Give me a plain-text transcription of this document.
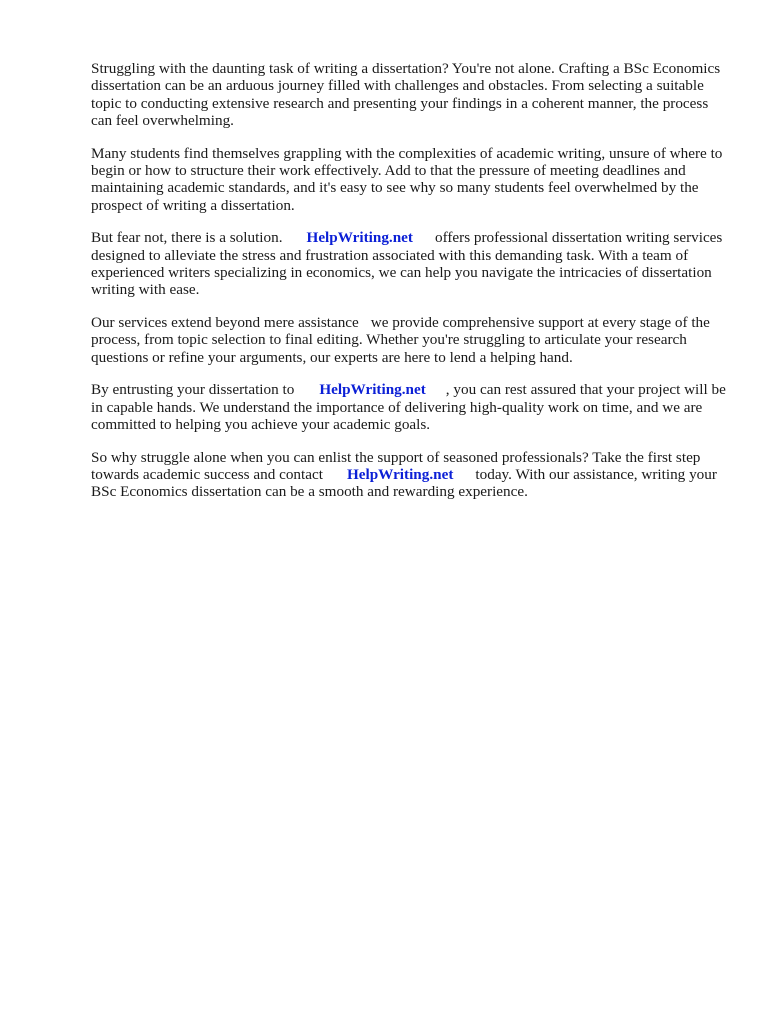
Struggling with the daunting task of writing a dissertation? You're not alone. Crafting a BSc Economics dissertation can be an arduous journey filled with challenges and obstacles. From selecting a suitable topic to conducting extensive research and presenting your findings in a coherent manner, the process can feel overwhelming.

Many students find themselves grappling with the complexities of academic writing, unsure of where to begin or how to structure their work effectively. Add to that the pressure of meeting deadlines and maintaining academic standards, and it's easy to see why so many students feel overwhelmed by the prospect of writing a dissertation.

But fear not, there is a solution. HelpWriting.net offers professional dissertation writing services designed to alleviate the stress and frustration associated with this demanding task. With a team of experienced writers specializing in economics, we can help you navigate the intricacies of dissertation writing with ease.

Our services extend beyond mere assistance we provide comprehensive support at every stage of the process, from topic selection to final editing. Whether you're struggling to articulate your research questions or refine your arguments, our experts are here to lend a helping hand.

By entrusting your dissertation to HelpWriting.net , you can rest assured that your project will be in capable hands. We understand the importance of delivering high-quality work on time, and we are committed to helping you achieve your academic goals.

So why struggle alone when you can enlist the support of seasoned professionals? Take the first step towards academic success and contact HelpWriting.net today. With our assistance, writing your BSc Economics dissertation can be a smooth and rewarding experience.
